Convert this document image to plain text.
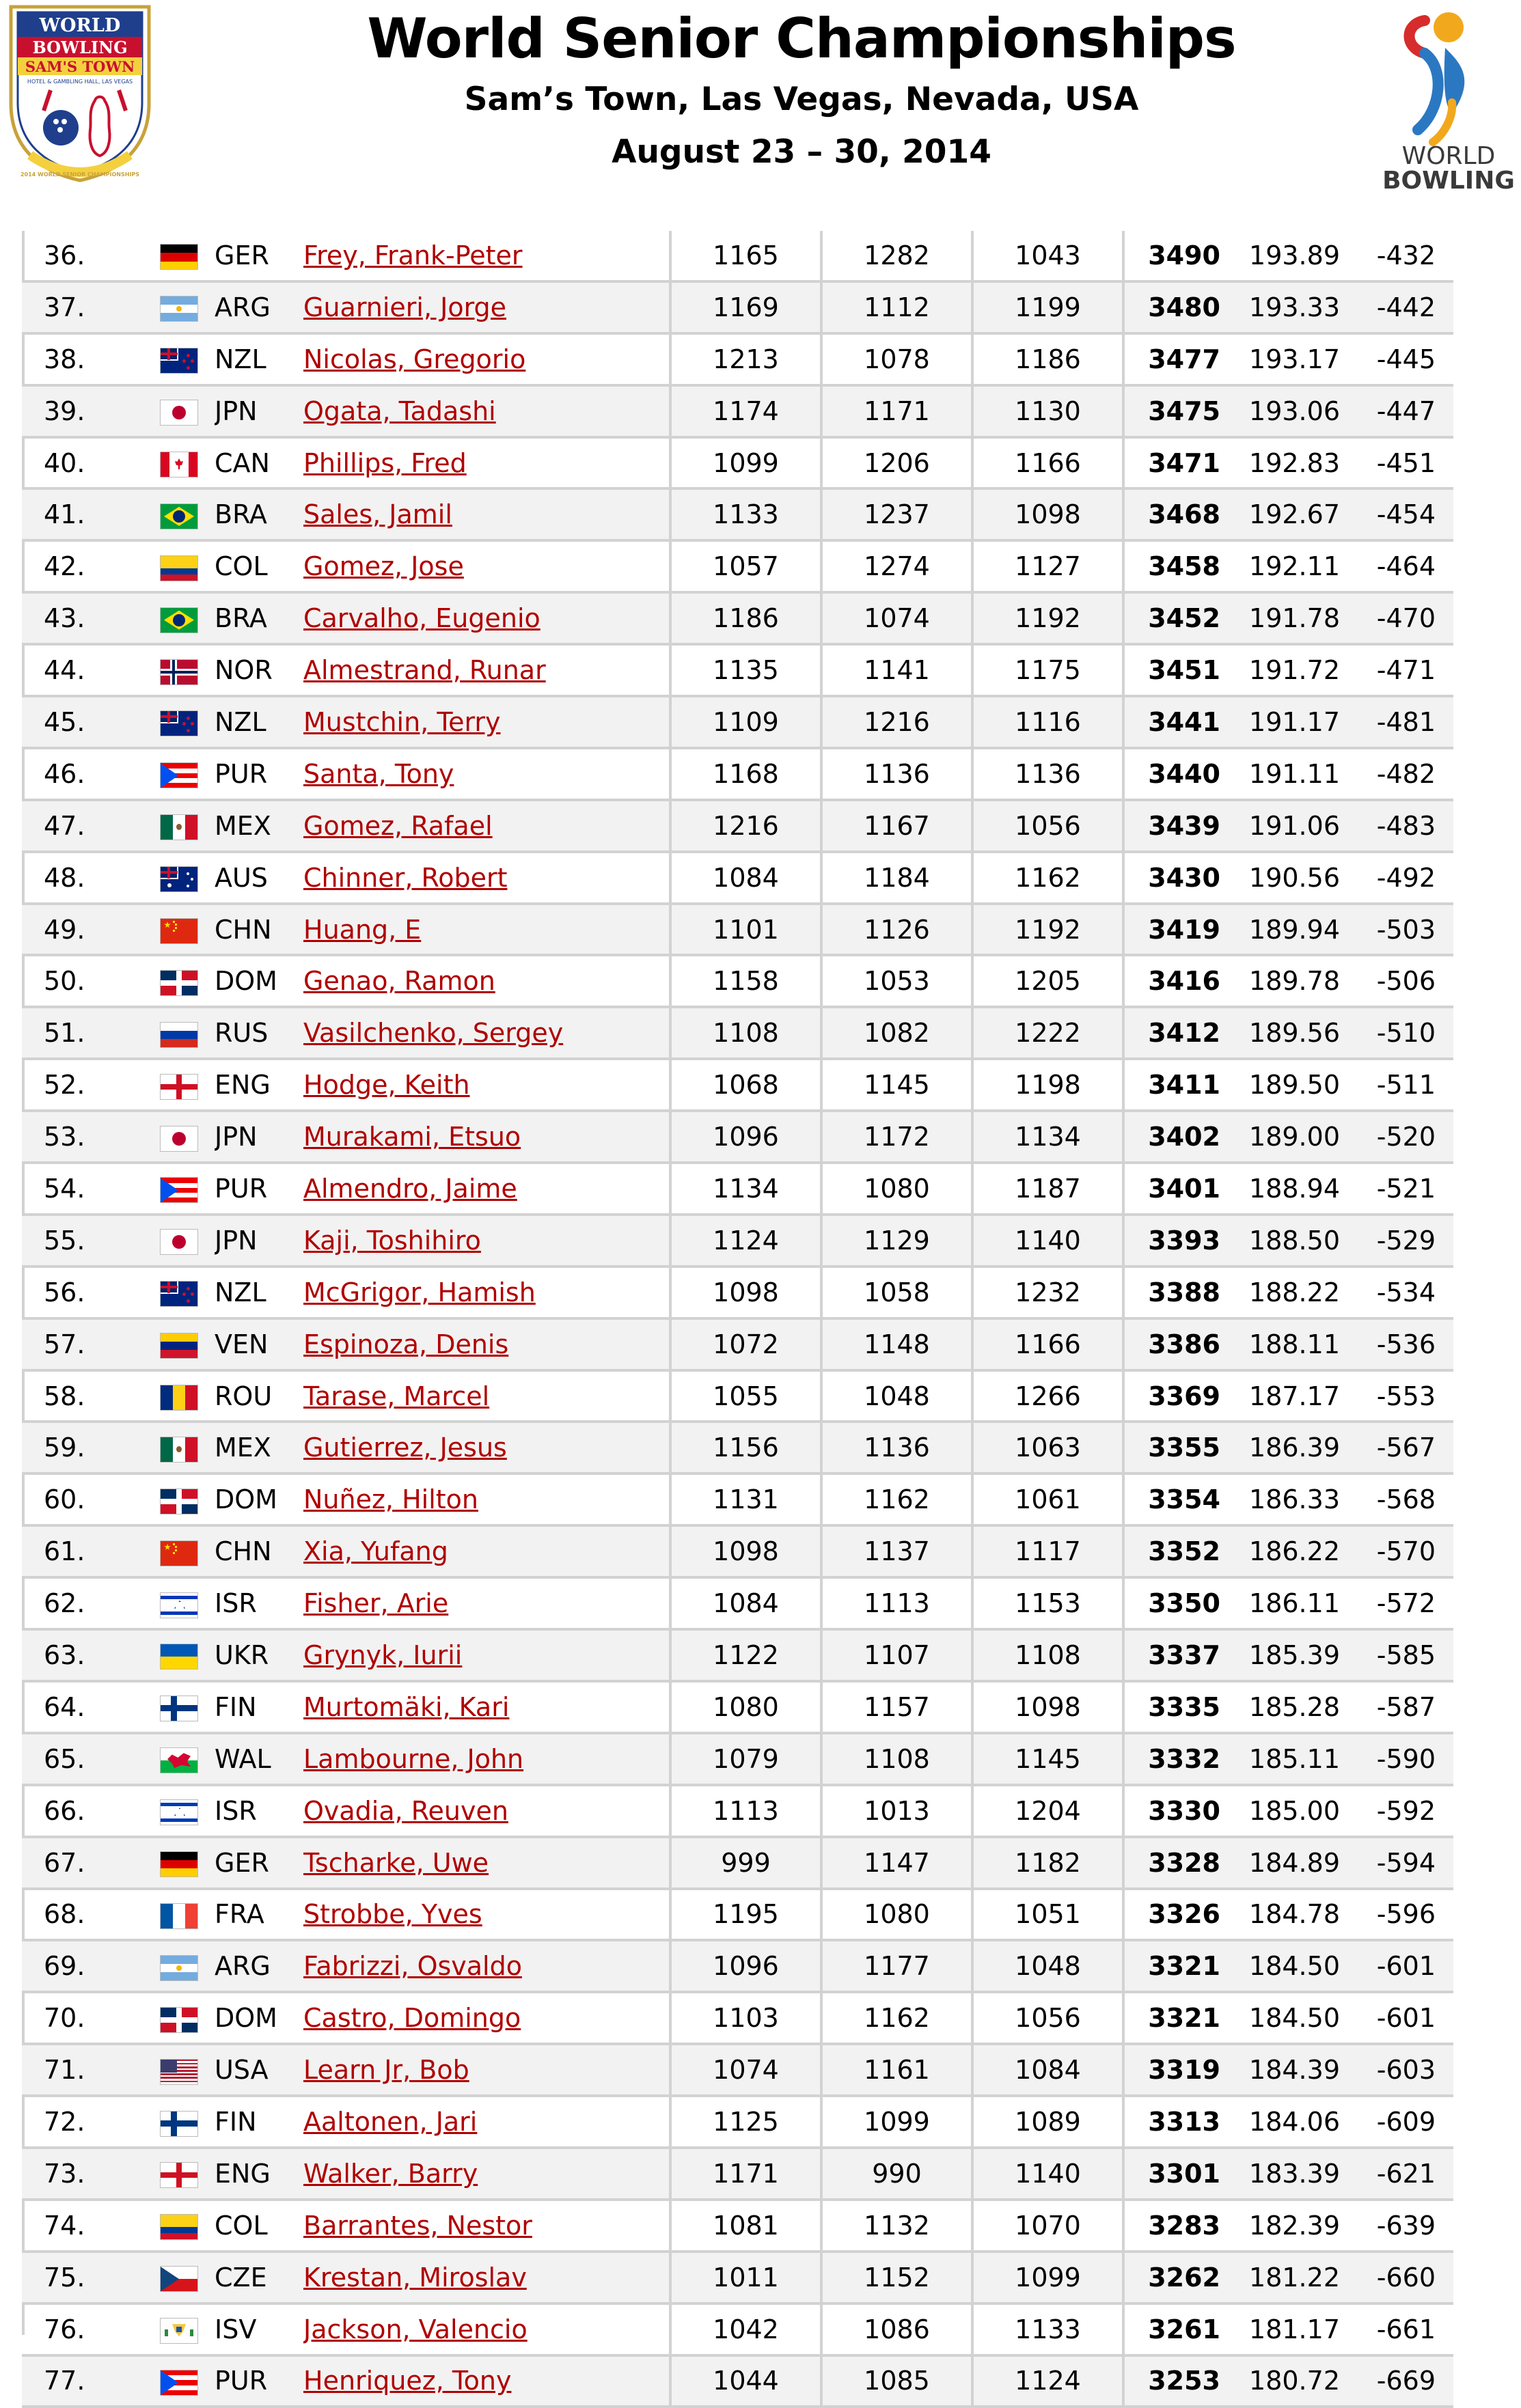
WORLD
BOWLING
SAM'S TOWN
HOTEL & GAMBLING HALL, LAS VEGAS
2014 WORLD SENIOR CHAMPIONSHIPS
World Senior Championships
Sam’s Town, Las Vegas, Nevada, USA
August 23 – 30, 2014	WORLD
BOWLING
36.		GER	Frey, Frank-Peter	1165	1282	1043	3490	193.89	-432	
37.		ARG	Guarnieri, Jorge	1169	1112	1199	3480	193.33	-442	
38.		NZL	Nicolas, Gregorio	1213	1078	1186	3477	193.17	-445	
39.		JPN	Ogata, Tadashi	1174	1171	1130	3475	193.06	-447	
40.		CAN	Phillips, Fred	1099	1206	1166	3471	192.83	-451	
41.		BRA	Sales, Jamil	1133	1237	1098	3468	192.67	-454	
42.		COL	Gomez, Jose	1057	1274	1127	3458	192.11	-464	
43.		BRA	Carvalho, Eugenio	1186	1074	1192	3452	191.78	-470	
44.		NOR	Almestrand, Runar	1135	1141	1175	3451	191.72	-471	
45.		NZL	Mustchin, Terry	1109	1216	1116	3441	191.17	-481	
46.		PUR	Santa, Tony	1168	1136	1136	3440	191.11	-482	
47.		MEX	Gomez, Rafael	1216	1167	1056	3439	191.06	-483	
48.		AUS	Chinner, Robert	1084	1184	1162	3430	190.56	-492	
49.		CHN	Huang, E	1101	1126	1192	3419	189.94	-503	
50.		DOM	Genao, Ramon	1158	1053	1205	3416	189.78	-506	
51.		RUS	Vasilchenko, Sergey	1108	1082	1222	3412	189.56	-510	
52.		ENG	Hodge, Keith	1068	1145	1198	3411	189.50	-511	
53.		JPN	Murakami, Etsuo	1096	1172	1134	3402	189.00	-520	
54.		PUR	Almendro, Jaime	1134	1080	1187	3401	188.94	-521	
55.		JPN	Kaji, Toshihiro	1124	1129	1140	3393	188.50	-529	
56.		NZL	McGrigor, Hamish	1098	1058	1232	3388	188.22	-534	
57.		VEN	Espinoza, Denis	1072	1148	1166	3386	188.11	-536	
58.		ROU	Tarase, Marcel	1055	1048	1266	3369	187.17	-553	
59.		MEX	Gutierrez, Jesus	1156	1136	1063	3355	186.39	-567	
60.		DOM	Nuñez, Hilton	1131	1162	1061	3354	186.33	-568	
61.		CHN	Xia, Yufang	1098	1137	1117	3352	186.22	-570	
62.		ISR	Fisher, Arie	1084	1113	1153	3350	186.11	-572	
63.		UKR	Grynyk, Iurii	1122	1107	1108	3337	185.39	-585	
64.		FIN	Murtomäki, Kari	1080	1157	1098	3335	185.28	-587	
65.		WAL	Lambourne, John	1079	1108	1145	3332	185.11	-590	
66.		ISR	Ovadia, Reuven	1113	1013	1204	3330	185.00	-592	
67.		GER	Tscharke, Uwe	999	1147	1182	3328	184.89	-594	
68.		FRA	Strobbe, Yves	1195	1080	1051	3326	184.78	-596	
69.		ARG	Fabrizzi, Osvaldo	1096	1177	1048	3321	184.50	-601	
70.		DOM	Castro, Domingo	1103	1162	1056	3321	184.50	-601	
71.		USA	Learn Jr, Bob	1074	1161	1084	3319	184.39	-603	
72.		FIN	Aaltonen, Jari	1125	1099	1089	3313	184.06	-609	
73.		ENG	Walker, Barry	1171	990	1140	3301	183.39	-621	
74.		COL	Barrantes, Nestor	1081	1132	1070	3283	182.39	-639	
75.		CZE	Krestan, Miroslav	1011	1152	1099	3262	181.22	-660	
76.		ISV	Jackson, Valencio	1042	1086	1133	3261	181.17	-661	
77.		PUR	Henriquez, Tony	1044	1085	1124	3253	180.72	-669	
